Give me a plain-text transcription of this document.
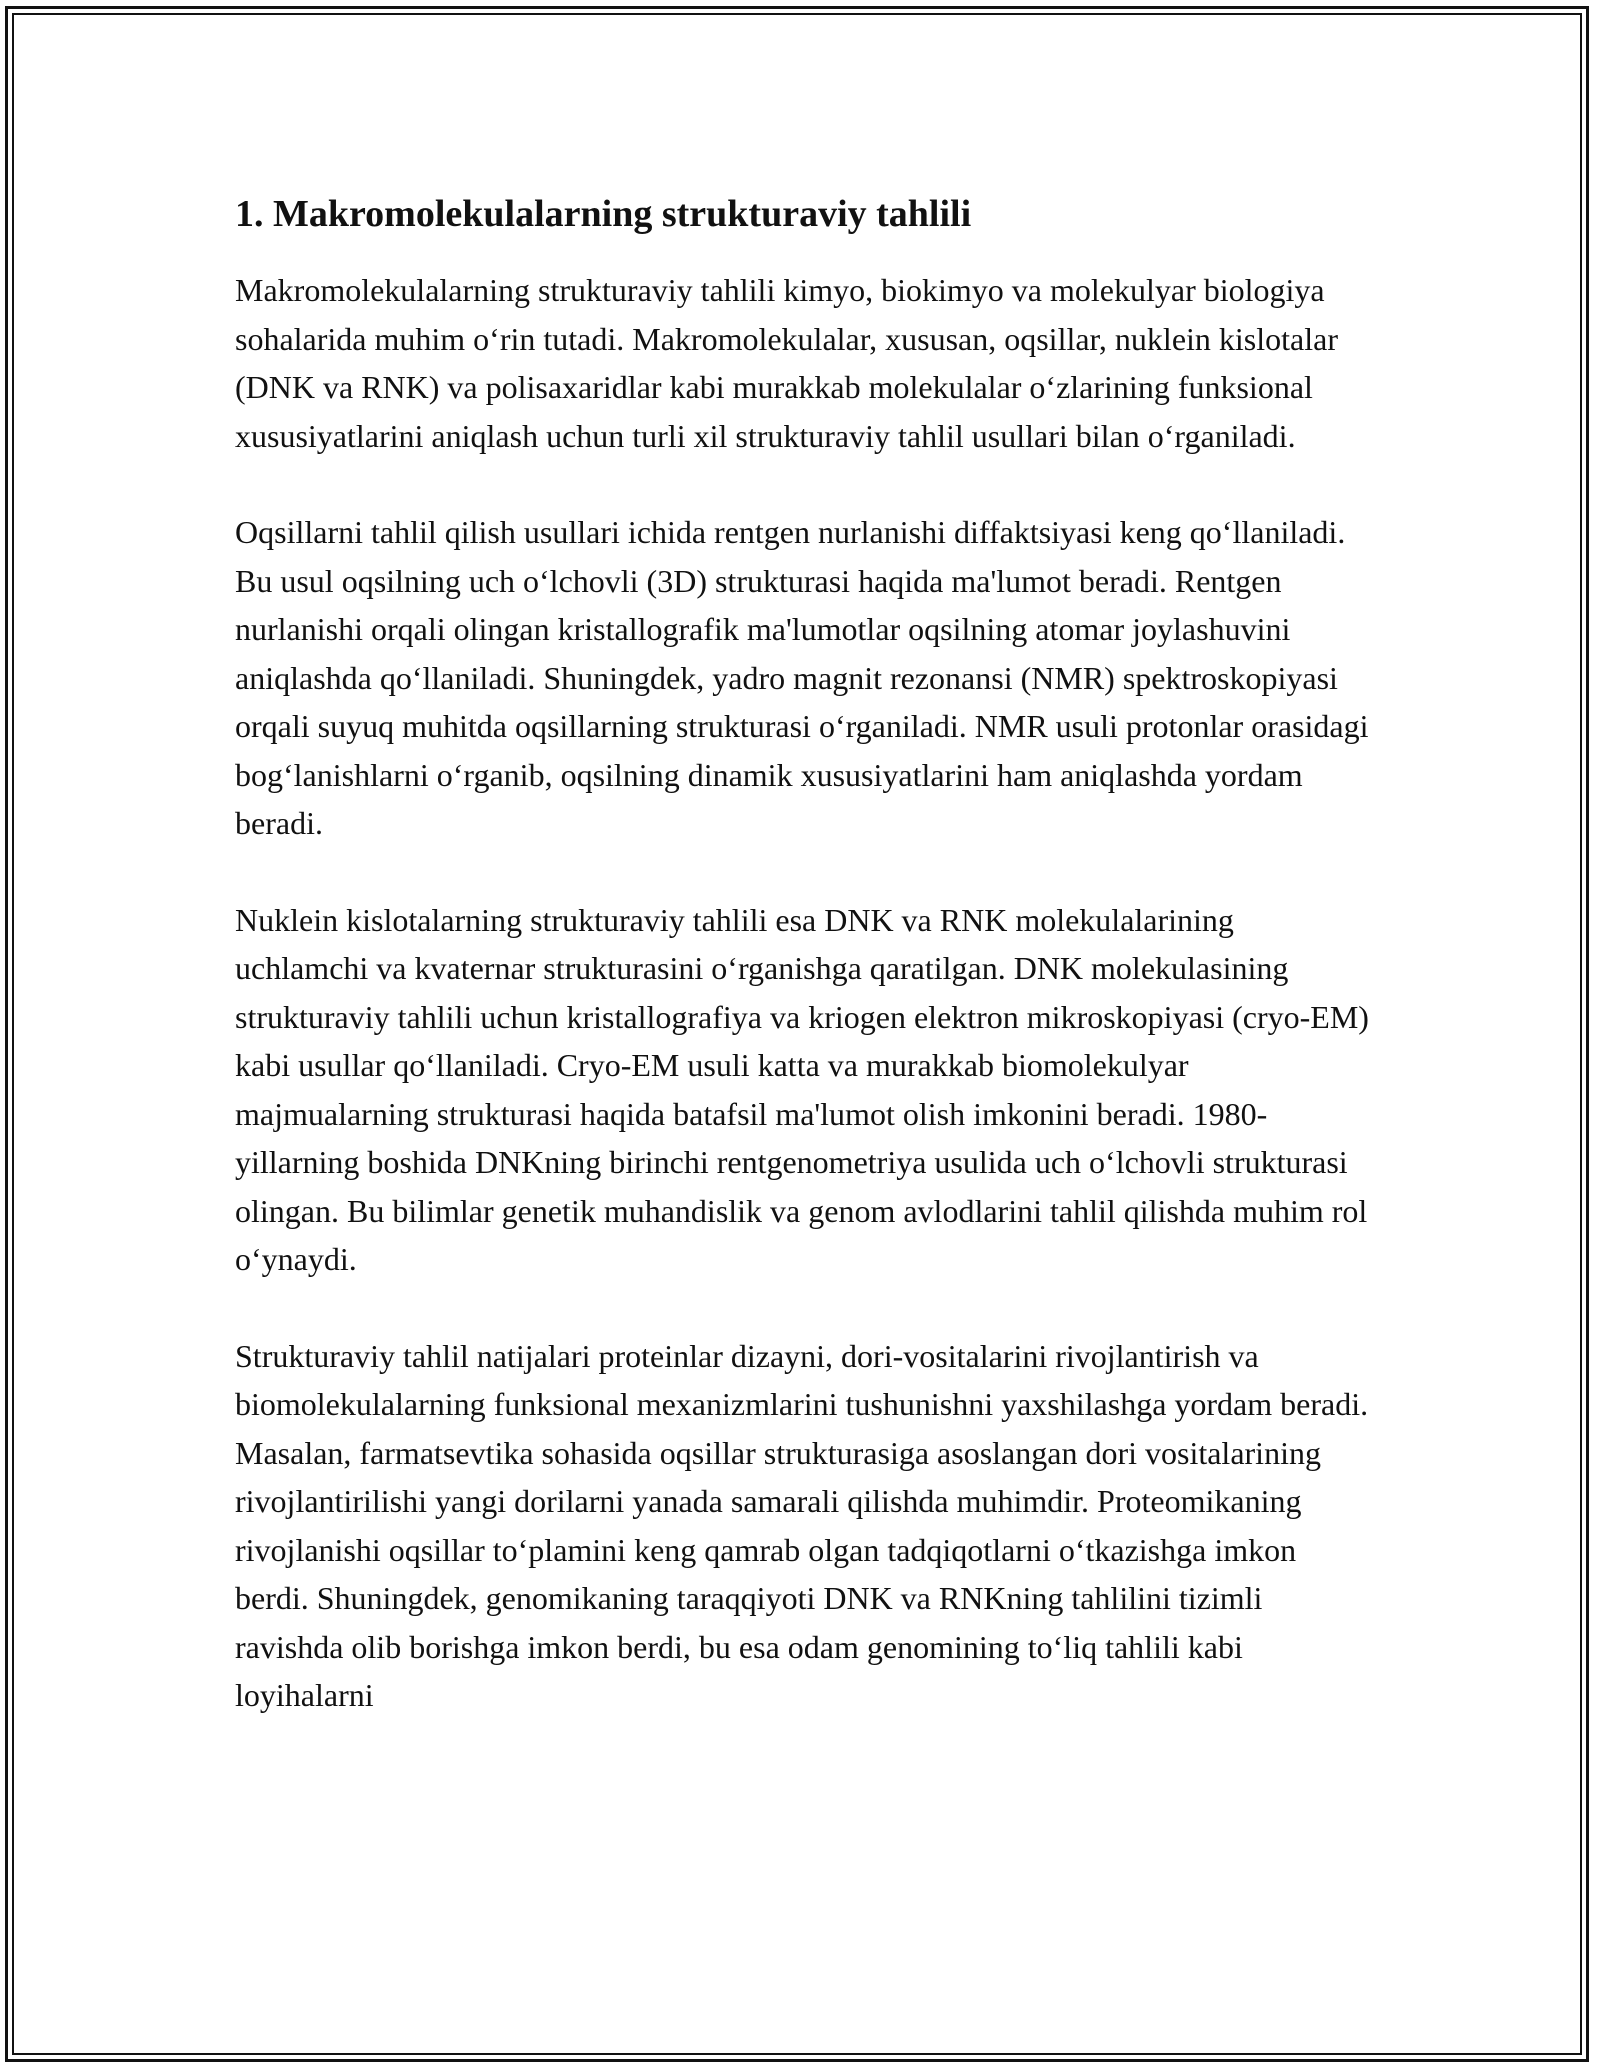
1. Makromolekulalarning strukturaviy tahlili

Makromolekulalarning strukturaviy tahlili kimyo, biokimyo va molekulyar biologiya sohalarida muhim o‘rin tutadi. Makromolekulalar, xususan, oqsillar, nuklein kislotalar (DNK va RNK) va polisaxaridlar kabi murakkab molekulalar o‘zlarining funksional xususiyatlarini aniqlash uchun turli xil strukturaviy tahlil usullari bilan o‘rganiladi.

Oqsillarni tahlil qilish usullari ichida rentgen nurlanishi diffaktsiyasi keng qo‘llaniladi. Bu usul oqsilning uch o‘lchovli (3D) strukturasi haqida ma'lumot beradi. Rentgen nurlanishi orqali olingan kristallografik ma'lumotlar oqsilning atomar joylashuvini aniqlashda qo‘llaniladi. Shuningdek, yadro magnit rezonansi (NMR) spektroskopiyasi orqali suyuq muhitda oqsillarning strukturasi o‘rganiladi. NMR usuli protonlar orasidagi bog‘lanishlarni o‘rganib, oqsilning dinamik xususiyatlarini ham aniqlashda yordam beradi.

Nuklein kislotalarning strukturaviy tahlili esa DNK va RNK molekulalarining uchlamchi va kvaternar strukturasini o‘rganishga qaratilgan. DNK molekulasining strukturaviy tahlili uchun kristallografiya va kriogen elektron mikroskopiyasi (cryo-EM) kabi usullar qo‘llaniladi. Cryo-EM usuli katta va murakkab biomolekulyar majmualarning strukturasi haqida batafsil ma'lumot olish imkonini beradi. 1980-yillarning boshida DNKning birinchi rentgenometriya usulida uch o‘lchovli strukturasi olingan. Bu bilimlar genetik muhandislik va genom avlodlarini tahlil qilishda muhim rol o‘ynaydi.

Strukturaviy tahlil natijalari proteinlar dizayni, dori-vositalarini rivojlantirish va biomolekulalarning funksional mexanizmlarini tushunishni yaxshilashga yordam beradi. Masalan, farmatsevtika sohasida oqsillar strukturasiga asoslangan dori vositalarining rivojlantirilishi yangi dorilarni yanada samarali qilishda muhimdir. Proteomikaning rivojlanishi oqsillar to‘plamini keng qamrab olgan tadqiqotlarni o‘tkazishga imkon berdi. Shuningdek, genomikaning taraqqiyoti DNK va RNKning tahlilini tizimli ravishda olib borishga imkon berdi, bu esa odam genomining to‘liq tahlili kabi loyihalarni
